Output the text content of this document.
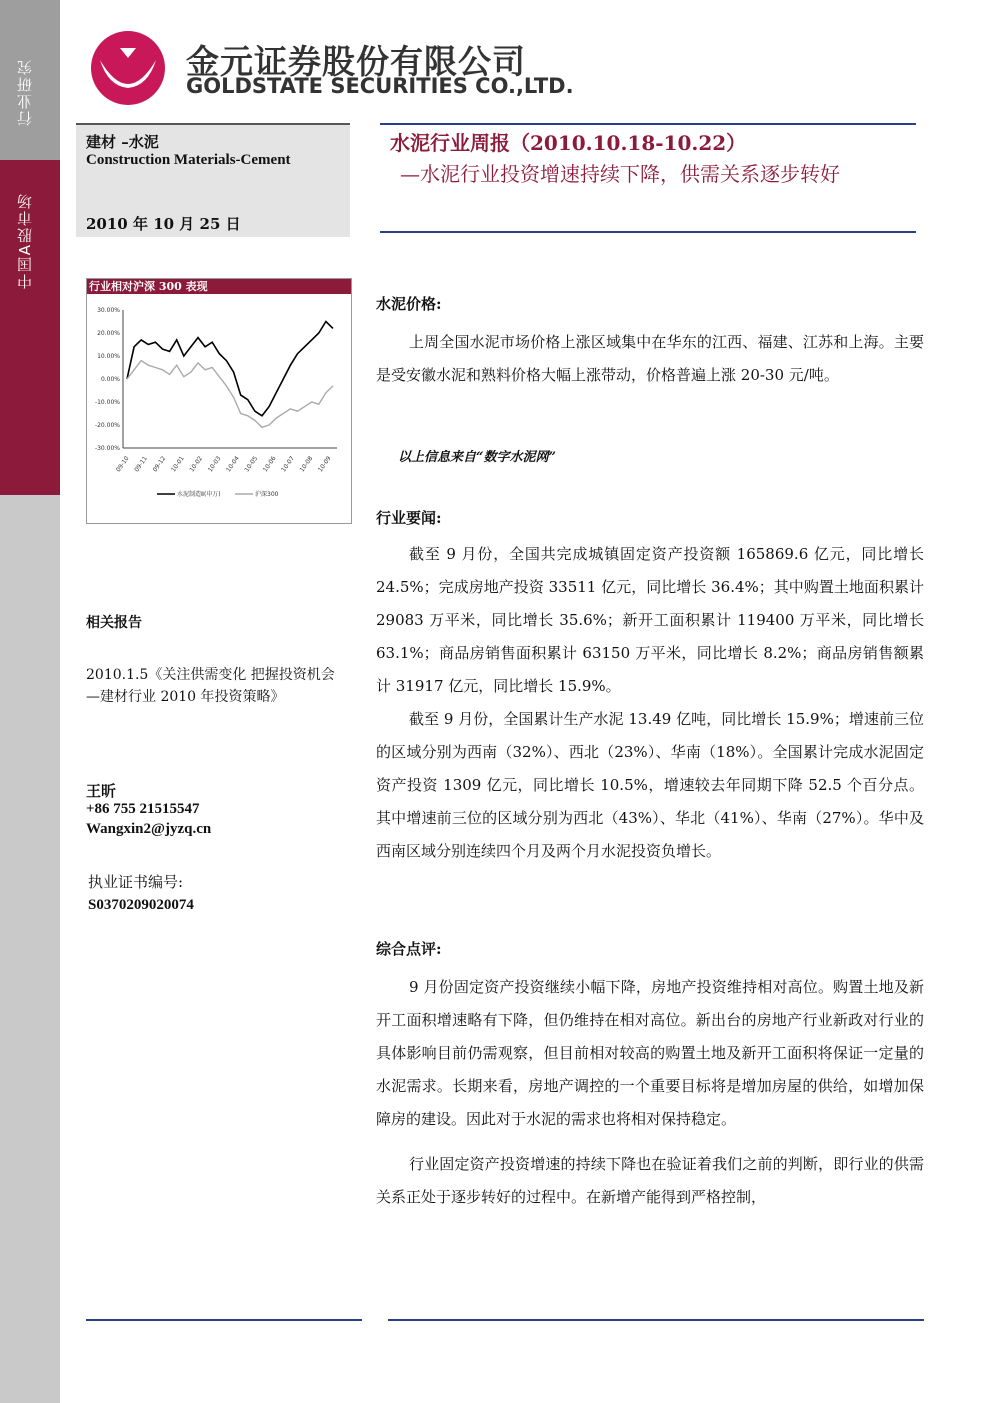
行业研究
中国A股市场
金元证券股份有限公司
GOLDSTATE SECURITIES CO.,LTD.
建材 –水泥
Construction Materials-Cement
2010 年 10 月 25 日
水泥行业周报（2010.10.18-10.22）
—水泥行业投资增速持续下降，供需关系逐步转好
行业相对沪深 300 表现
30.00%
20.00%
10.00%
0.00%
-10.00%
-20.00%
-30.00%
09-10 09-11 09-12 10-01 10-02 10-03 10-04 10-05 10-06 10-07 10-08 10-09
水泥制造Ⅱ(申万)	沪深300
相关报告
2010.1.5《关注供需变化 把握投资机会
—建材行业 2010 年投资策略》
王昕
+86 755 21515547
Wangxin2@jyzq.cn
执业证书编号:
S0370209020074
水泥价格:

上周全国水泥市场价格上涨区域集中在华东的江西、福建、江苏和上海。主要是受安徽水泥和熟料价格大幅上涨带动，价格普遍上涨 20-30 元/吨。

以上信息来自“数字水泥网”
行业要闻:

截至 9 月份，全国共完成城镇固定资产投资额 165869.6 亿元，同比增长 24.5%；完成房地产投资 33511 亿元，同比增长 36.4%；其中购置土地面积累计 29083 万平米，同比增长 35.6%；新开工面积累计 119400 万平米，同比增长 63.1%；商品房销售面积累计 63150 万平米，同比增长 8.2%；商品房销售额累计 31917 亿元，同比增长 15.9%。

截至 9 月份，全国累计生产水泥 13.49 亿吨，同比增长 15.9%；增速前三位的区域分别为西南（32%）、西北（23%）、华南（18%）。全国累计完成水泥固定资产投资 1309 亿元，同比增长 10.5%，增速较去年同期下降 52.5 个百分点。其中增速前三位的区域分别为西北（43%）、华北（41%）、华南（27%）。华中及西南区域分别连续四个月及两个月水泥投资负增长。

综合点评:

9 月份固定资产投资继续小幅下降，房地产投资维持相对高位。购置土地及新开工面积增速略有下降，但仍维持在相对高位。新出台的房地产行业新政对行业的具体影响目前仍需观察，但目前相对较高的购置土地及新开工面积将保证一定量的水泥需求。长期来看，房地产调控的一个重要目标将是增加房屋的供给，如增加保障房的建设。因此对于水泥的需求也将相对保持稳定。

行业固定资产投资增速的持续下降也在验证着我们之前的判断，即行业的供需关系正处于逐步转好的过程中。在新增产能得到严格控制，
